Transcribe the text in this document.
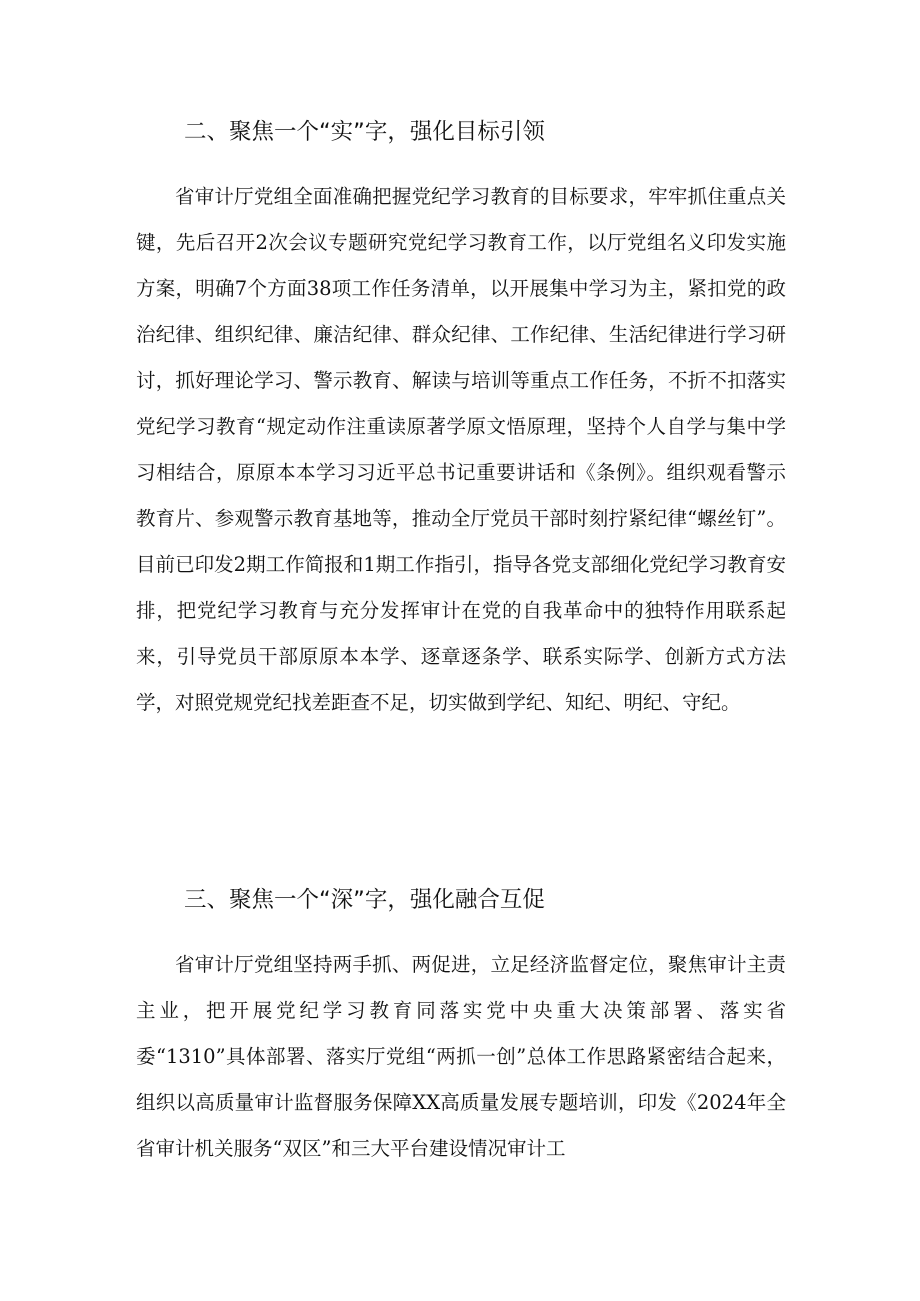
二、聚焦一个“实”字，强化目标引领

省审计厅党组全面准确把握党纪学习教育的目标要求，牢牢抓住重点关键，先后召开2次会议专题研究党纪学习教育工作，以厅党组名义印发实施方案，明确7个方面38项工作任务清单，以开展集中学习为主，紧扣党的政治纪律、组织纪律、廉洁纪律、群众纪律、工作纪律、生活纪律进行学习研讨，抓好理论学习、警示教育、解读与培训等重点工作任务，不折不扣落实党纪学习教育“规定动作注重读原著学原文悟原理，坚持个人自学与集中学习相结合，原原本本学习习近平总书记重要讲话和《条例》。组织观看警示教育片、参观警示教育基地等，推动全厅党员干部时刻拧紧纪律“螺丝钉”。目前已印发2期工作简报和1期工作指引，指导各党支部细化党纪学习教育安排，把党纪学习教育与充分发挥审计在党的自我革命中的独特作用联系起来，引导党员干部原原本本学、逐章逐条学、联系实际学、创新方式方法学，对照党规党纪找差距查不足，切实做到学纪、知纪、明纪、守纪。

三、聚焦一个“深”字，强化融合互促

省审计厅党组坚持两手抓、两促进，立足经济监督定位，聚焦审计主责主业，把开展党纪学习教育同落实党中央重大决策部署、落实省委“1310”具体部署、落实厅党组“两抓一创”总体工作思路紧密结合起来，组织以高质量审计监督服务保障XX高质量发展专题培训，印发《2024年全省审计机关服务“双区”和三大平台建设情况审计工
